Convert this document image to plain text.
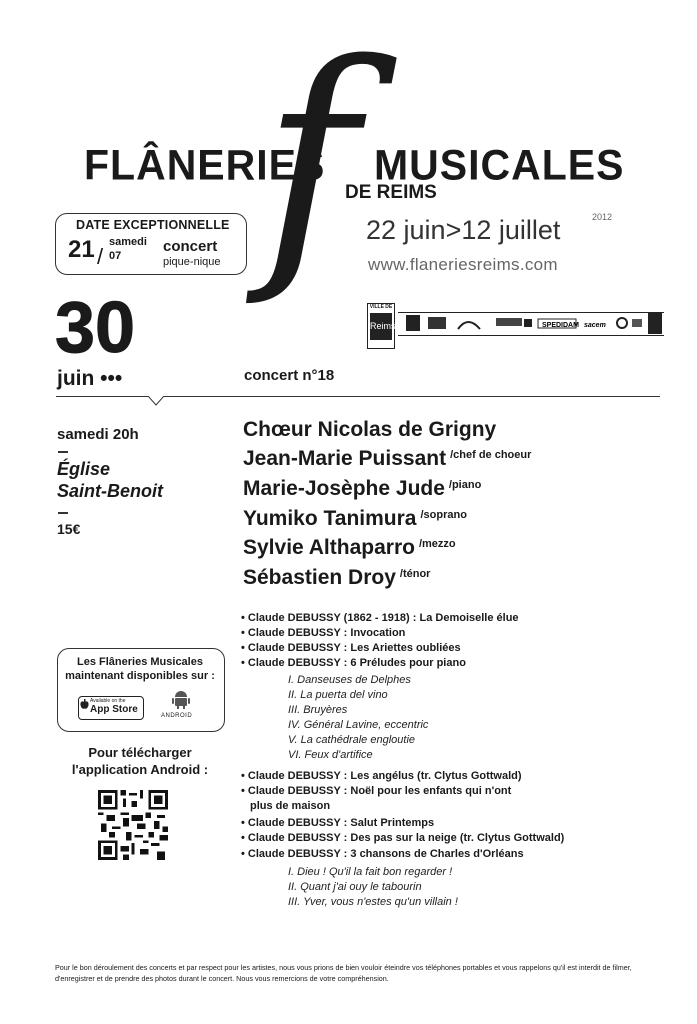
f
FLÂNERIES MUSICALES
DE REIMS
DATE EXCEPTIONNELLE
21 /
samedi
07
concert
pique-nique
22 juin>12 juillet	2012
www.flaneriesreims.com
VILLE DE
Reims	SPEDIDAM sacem
30
juin •••	concert n°18
samedi 20h
Église
Saint-Benoit
15€
Chœur Nicolas de Grigny
Jean-Marie Puissant $^{/chef de choeur}$
Marie-Josèphe Jude $^{/piano}$
Yumiko Tanimura $^{/soprano}$
Sylvie Althaparro $^{/mezzo}$
Sébastien Droy $^{/ténor}$
• Claude DEBUSSY (1862 - 1918) : La Demoiselle élue
• Claude DEBUSSY : Invocation
• Claude DEBUSSY : Les Ariettes oubliées
• Claude DEBUSSY : 6 Préludes pour piano
I. Danseuses de Delphes
II. La puerta del vino
III. Bruyères
IV. Général Lavine, eccentric
V. La cathédrale engloutie
VI. Feux d'artifice
• Claude DEBUSSY : Les angélus (tr. Clytus Gottwald)
• Claude DEBUSSY : Noël pour les enfants qui n'ont
plus de maison
• Claude DEBUSSY : Salut Printemps
• Claude DEBUSSY : Des pas sur la neige (tr. Clytus Gottwald)
• Claude DEBUSSY : 3 chansons de Charles d'Orléans
I. Dieu ! Qu'il la fait bon regarder !
II. Quant j'ai ouy le tabourin
III. Yver, vous n'estes qu'un villain !
Les Flâneries Musicales
maintenant disponibles sur :
Available on the
App Store
ANDROID
Pour télécharger
l'application Android :
Pour le bon déroulement des concerts et par respect pour les artistes, nous vous prions de bien vouloir éteindre vos téléphones portables et vous rappelons qu'il est interdit de filmer, d'enregistrer et de prendre des photos durant le concert. Nous vous remercions de votre compréhension.
